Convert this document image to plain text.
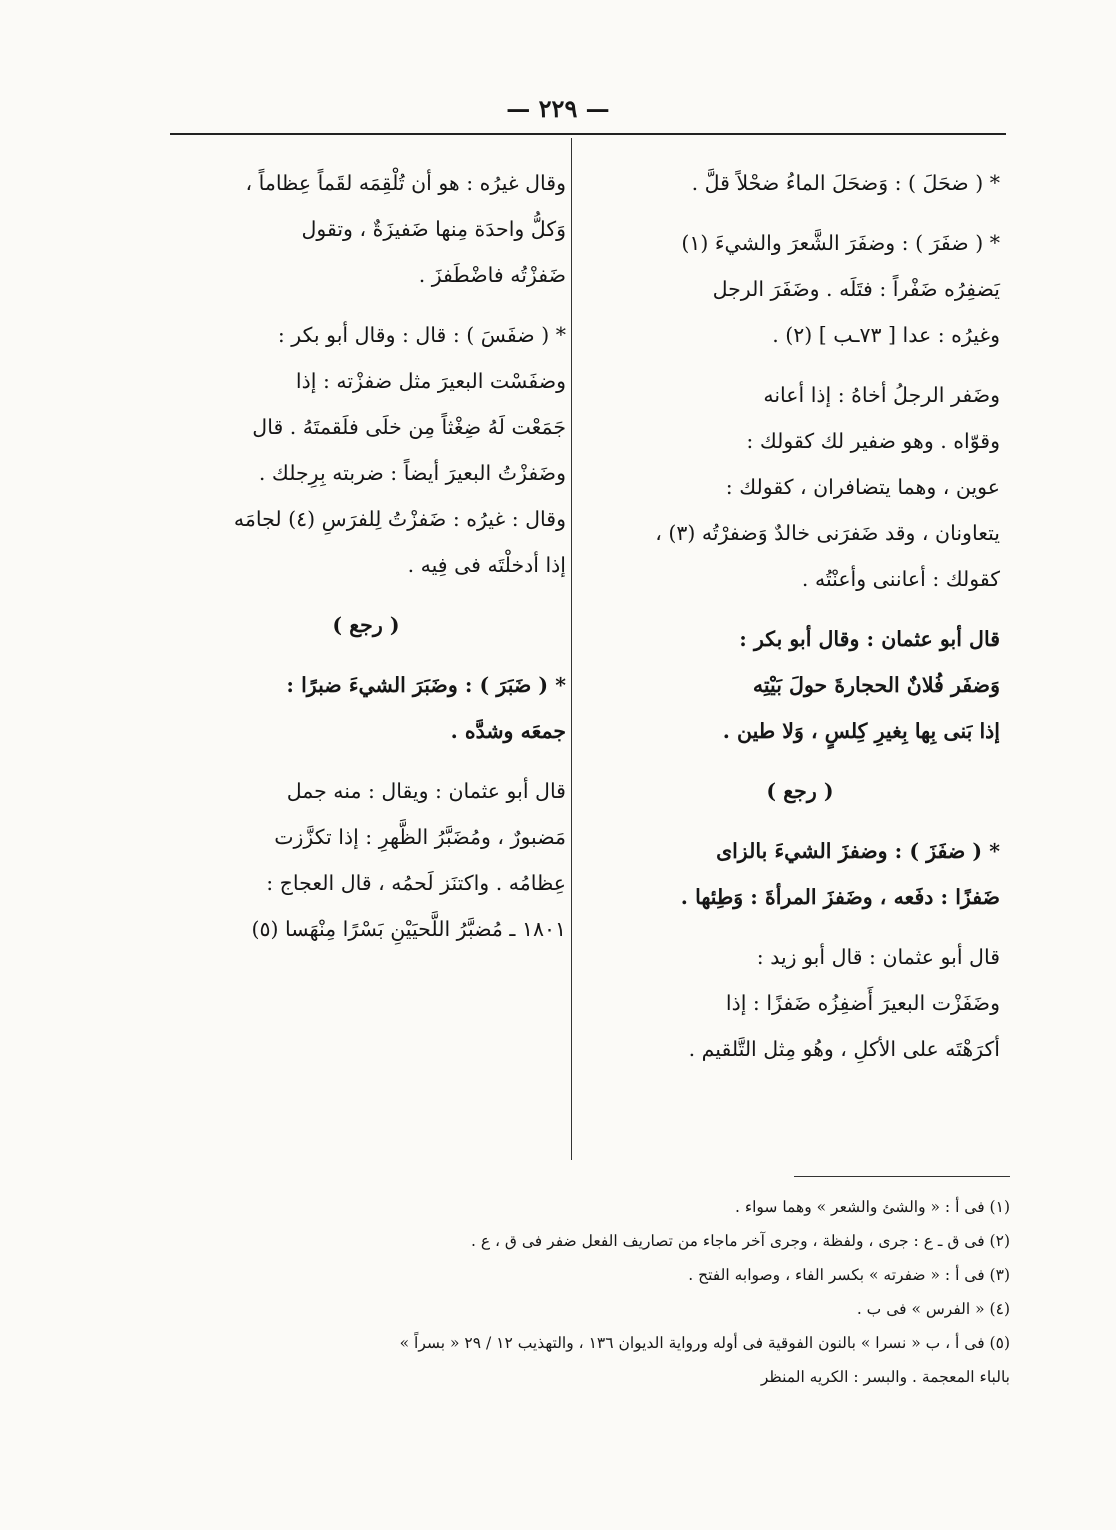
— ٢٢٩ —
* ( ضحَلَ ) : وَضحَلَ الماءُ ضحْلاً قلَّ .
* ( ضفَرَ ) : وضفَرَ الشَّعرَ والشيءَ (١)
يَضفِرُه ضَفْراً : فتَلَه . وضَفَرَ الرجل
وغيرُه : عدا [ ٧٣ـب ] (٢) .
وضَفر الرجلُ أخاهُ : إذا أعانه
وقوّاه . وهو ضفير لك كقولك :
عوين ، وهما يتضافران ، كقولك :
يتعاونان ، وقد ضَفرَنى خالدٌ وَضفرْتُه (٣) ،
كقولك : أعاننى وأعنْتُه .
قال أبو عثمان : وقال أبو بكر :
وَضفَر فُلانٌ الحجارةَ حولَ بَيْتِه
إذا بَنى بِها بِغيرِ كِلسٍ ، وَلا طين .
( رجع )
* ( ضفَزَ ) : وضفزَ الشيءَ بالزاى
ضَفزًا : دفَعه ، وضَفزَ المرأةَ : وَطِئها .
قال أبو عثمان : قال أبو زيد :
وضَفَزْت البعيرَ أَضفِزُه ضَفزًا : إذا
أكرَهْتَه على الأكلِ ، وهُو مِثل التَّلقيم .
وقال غيرُه : هو أن تُلْقِمَه لقَماً عِظاماً ،
وَكلُّ واحدَة مِنها ضَفيزَةٌ ، وتقول
ضَفزْتُه فاضْطَفزَ .
* ( ضفَسَ ) : قال : وقال أبو بكر :
وضفَسْت البعيرَ مثل ضفزْته : إذا
جَمَعْت لَهُ ضِغْثاً مِن خلَى فلَقمتَهُ . قال
وضَفزْتُ البعيرَ أيضاً : ضربته بِرِجلك .
وقال : غيرُه : ضَفزْتُ لِلفرَسِ (٤) لجامَه
إذا أدخلْتَه فى فِيه .
( رجع )
* ( ضَبَرَ ) : وضَبَرَ الشيءَ ضبرًا :
جمعَه وشدَّه .
قال أبو عثمان : ويقال : منه جمل
مَضبورٌ ، ومُضَبَّرُ الظَّهرِ : إذا تكزَّزت
عِظامُه . واكتنَز لَحمُه ، قال العجاج :
١٨٠١ ـ مُضبَّرُ اللَّحيَيْنِ بَسْرًا مِنْهَسا (٥)
(١) فى أ : « والشئ والشعر » وهما سواء .
(٢) فى ق ـ ع : جرى ، ولفظة ، وجرى آخر ماجاء من تصاريف الفعل ضفر فى ق ، ع .
(٣) فى أ : « ضفرته » بكسر الفاء ، وصوابه الفتح .
(٤) « الفرس » فى ب .
(٥) فى أ ، ب « نسرا » بالنون الفوقية فى أوله ورواية الديوان ١٣٦ ، والتهذيب ١٢ / ٢٩ « بسراً »
بالباء المعجمة . والبسر : الكريه المنظر
